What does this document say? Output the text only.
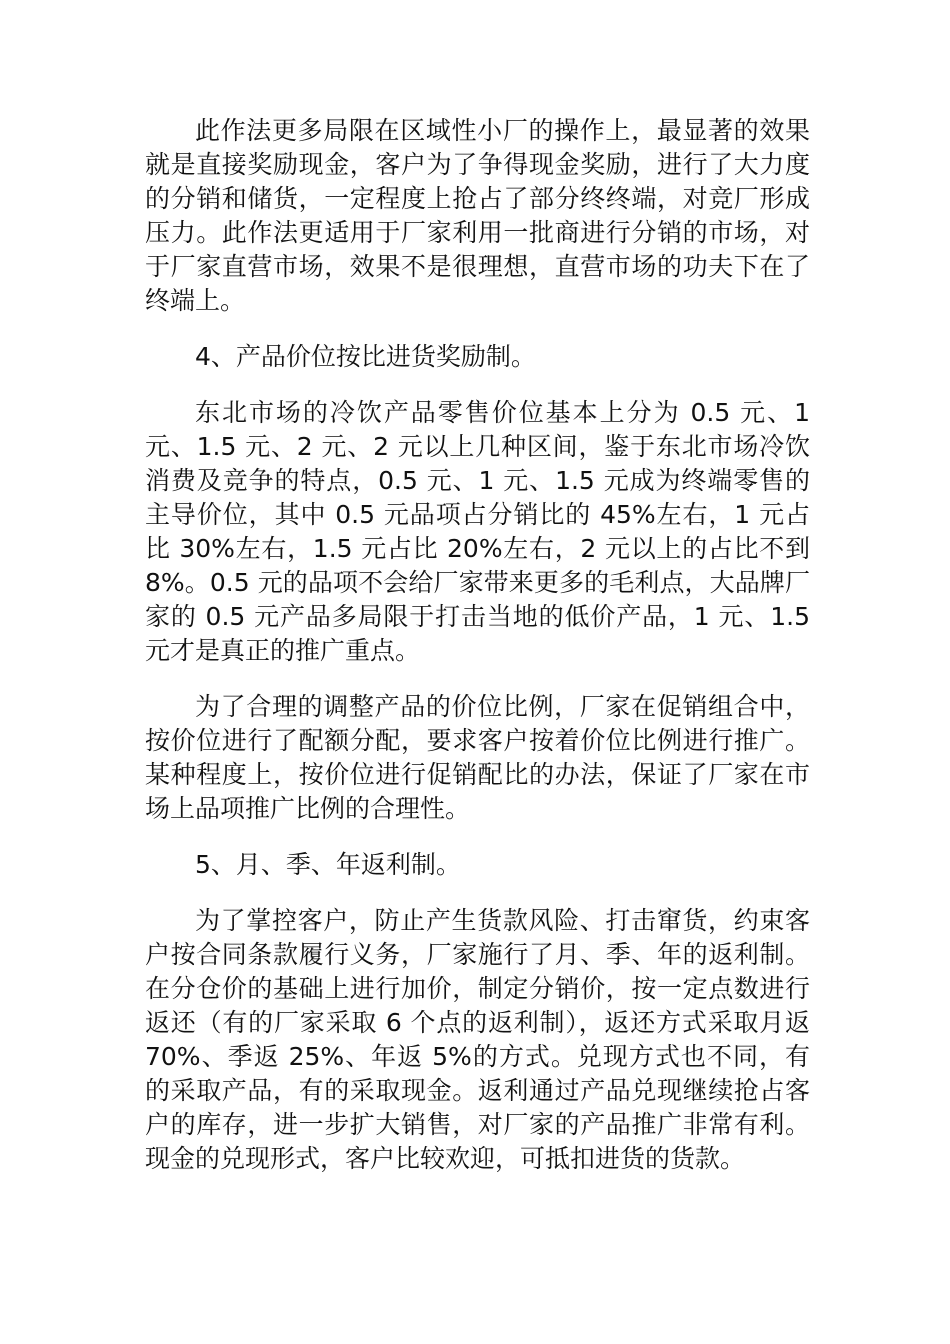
此作法更多局限在区域性小厂的操作上，最显著的效果就是直接奖励现金，客户为了争得现金奖励，进行了大力度的分销和储货，一定程度上抢占了部分终终端，对竞厂形成压力。此作法更适用于厂家利用一批商进行分销的市场，对于厂家直营市场，效果不是很理想，直营市场的功夫下在了终端上。

4、产品价位按比进货奖励制。

东北市场的冷饮产品零售价位基本上分为 0.5 元、1 元、1.5 元、2 元、2 元以上几种区间，鉴于东北市场冷饮消费及竞争的特点，0.5 元、1 元、1.5 元成为终端零售的主导价位，其中 0.5 元品项占分销比的 45%左右，1 元占比 30%左右，1.5 元占比 20%左右，2 元以上的占比不到 8%。0.5 元的品项不会给厂家带来更多的毛利点，大品牌厂家的 0.5 元产品多局限于打击当地的低价产品，1 元、1.5 元才是真正的推广重点。

为了合理的调整产品的价位比例，厂家在促销组合中，按价位进行了配额分配，要求客户按着价位比例进行推广。某种程度上，按价位进行促销配比的办法，保证了厂家在市场上品项推广比例的合理性。

5、月、季、年返利制。

为了掌控客户，防止产生货款风险、打击窜货，约束客户按合同条款履行义务，厂家施行了月、季、年的返利制。在分仓价的基础上进行加价，制定分销价，按一定点数进行返还（有的厂家采取 6 个点的返利制），返还方式采取月返 70%、季返 25%、年返 5%的方式。兑现方式也不同，有的采取产品，有的采取现金。返利通过产品兑现继续抢占客户的库存，进一步扩大销售，对厂家的产品推广非常有利。现金的兑现形式，客户比较欢迎，可抵扣进货的货款。
